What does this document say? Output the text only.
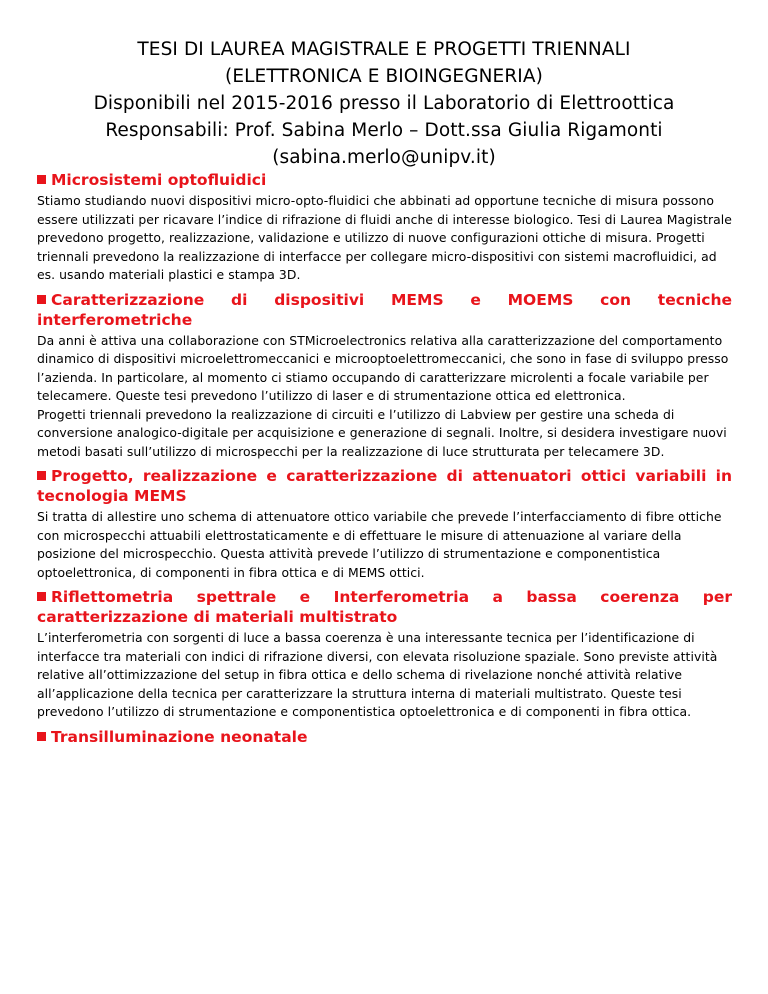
TESI DI LAUREA MAGISTRALE E PROGETTI TRIENNALI
(ELETTRONICA E BIOINGEGNERIA)
Disponibili nel 2015-2016 presso il Laboratorio di Elettroottica
Responsabili: Prof. Sabina Merlo – Dott.ssa Giulia Rigamonti
(sabina.merlo@unipv.it)
Microsistemi optofluidici

Stiamo studiando nuovi dispositivi micro-opto-fluidici che abbinati ad opportune tecniche di misura possono essere utilizzati per ricavare l’indice di rifrazione di fluidi anche di interesse biologico. Tesi di Laurea Magistrale prevedono progetto, realizzazione, validazione e utilizzo di nuove configurazioni ottiche di misura. Progetti triennali prevedono la realizzazione di interfacce per collegare micro-dispositivi con sistemi macrofluidici, ad es. usando materiali plastici e stampa 3D.

Caratterizzazione di dispositivi MEMS e MOEMS con tecniche interferometriche

Da anni è attiva una collaborazione con STMicroelectronics relativa alla caratterizzazione del comportamento dinamico di dispositivi microelettromeccanici e microoptoelettromeccanici, che sono in fase di sviluppo presso l’azienda. In particolare, al momento ci stiamo occupando di caratterizzare microlenti a focale variabile per telecamere. Queste tesi prevedono l’utilizzo di laser e di strumentazione ottica ed elettronica.

Progetti triennali prevedono la realizzazione di circuiti e l’utilizzo di Labview per gestire una scheda di conversione analogico-digitale per acquisizione e generazione di segnali. Inoltre, si desidera investigare nuovi metodi basati sull’utilizzo di microspecchi per la realizzazione di luce strutturata per telecamere 3D.

Progetto, realizzazione e caratterizzazione di attenuatori ottici variabili in tecnologia MEMS

Si tratta di allestire uno schema di attenuatore ottico variabile che prevede l’interfacciamento di fibre ottiche con microspecchi attuabili elettrostaticamente e di effettuare le misure di attenuazione al variare della posizione del microspecchio. Questa attività prevede l’utilizzo di strumentazione e componentistica optoelettronica, di componenti in fibra ottica e di MEMS ottici.

Riflettometria spettrale e Interferometria a bassa coerenza per caratterizzazione di materiali multistrato

L’interferometria con sorgenti di luce a bassa coerenza è una interessante tecnica per l’identificazione di interfacce tra materiali con indici di rifrazione diversi, con elevata risoluzione spaziale. Sono previste attività relative all’ottimizzazione del setup in fibra ottica e dello schema di rivelazione nonché attività relative all’applicazione della tecnica per caratterizzare la struttura interna di materiali multistrato. Queste tesi prevedono l’utilizzo di strumentazione e componentistica optoelettronica e di componenti in fibra ottica.

Transilluminazione neonatale
